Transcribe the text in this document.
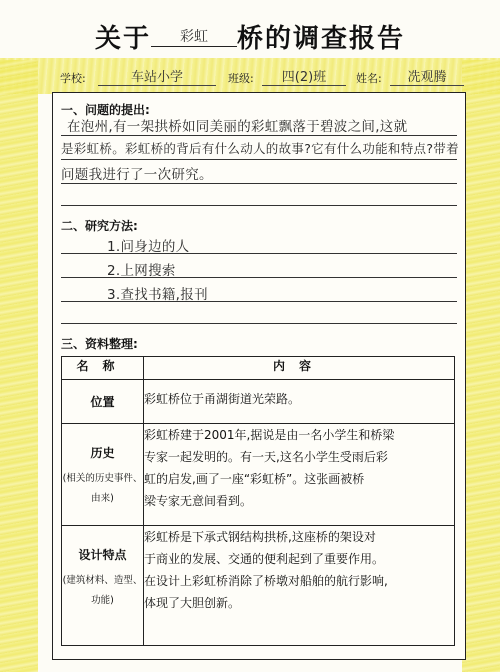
关于 彩虹 桥的调查报告
学校:	车站小学	班级:	四(2)班	姓名:	冼观腾
一、问题的提出:
在泡州,有一架拱桥如同美丽的彩虹飘落于碧波之间,这就
是彩虹桥。彩虹桥的背后有什么动人的故事?它有什么功能和特点?带着
问题我进行了一次研究。
二、研究方法:
1.问身边的人
2.上网搜索
3.查找书籍,报刊
三、资料整理:
名称	内容
位置	彩虹桥位于甬湖街道光荣路。
历史
(相关的历史事件、由来)	彩虹桥建于2001年,据说是由一名小学生和桥梁
专家一起发明的。有一天,这名小学生受雨后彩
虹的启发,画了一座“彩虹桥”。这张画被桥
梁专家无意间看到。
设计特点
(建筑材料、造型、功能)	彩虹桥是下承式钢结构拱桥,这座桥的架设对
于商业的发展、交通的便利起到了重要作用。
在设计上彩虹桥消除了桥墩对船舶的航行影响,
体现了大胆创新。
